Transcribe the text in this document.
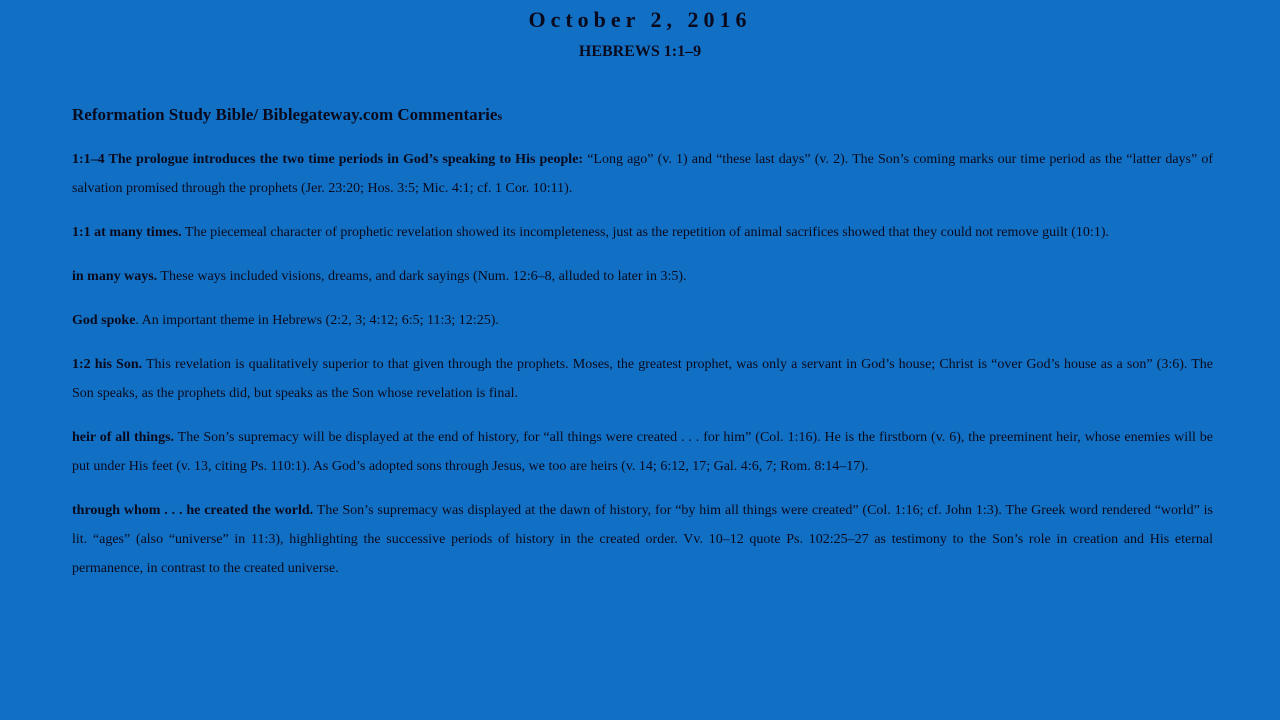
October 2, 2016
HEBREWS 1:1–9
Reformation Study Bible/ Biblegateway.com Commentaries

1:1–4 The prologue introduces the two time periods in God’s speaking to His people: “Long ago” (v. 1) and “these last days” (v. 2). The Son’s coming marks our time period as the “latter days” of salvation promised through the prophets (Jer. 23:20; Hos. 3:5; Mic. 4:1; cf. 1 Cor. 10:11).

1:1 at many times. The piecemeal character of prophetic revelation showed its incompleteness, just as the repetition of animal sacrifices showed that they could not remove guilt (10:1).

in many ways. These ways included visions, dreams, and dark sayings (Num. 12:6–8, alluded to later in 3:5).

God spoke. An important theme in Hebrews (2:2, 3; 4:12; 6:5; 11:3; 12:25).

1:2 his Son. This revelation is qualitatively superior to that given through the prophets. Moses, the greatest prophet, was only a servant in God’s house; Christ is “over God’s house as a son” (3:6). The Son speaks, as the prophets did, but speaks as the Son whose revelation is final.

heir of all things. The Son’s supremacy will be displayed at the end of history, for “all things were created . . . for him” (Col. 1:16). He is the firstborn (v. 6), the preeminent heir, whose enemies will be put under His feet (v. 13, citing Ps. 110:1). As God’s adopted sons through Jesus, we too are heirs (v. 14; 6:12, 17; Gal. 4:6, 7; Rom. 8:14–17).

through whom . . . he created the world. The Son’s supremacy was displayed at the dawn of history, for “by him all things were created” (Col. 1:16; cf. John 1:3). The Greek word rendered “world” is lit. “ages” (also “universe” in 11:3), highlighting the successive periods of history in the created order. Vv. 10–12 quote Ps. 102:25–27 as testimony to the Son’s role in creation and His eternal permanence, in contrast to the created universe.
